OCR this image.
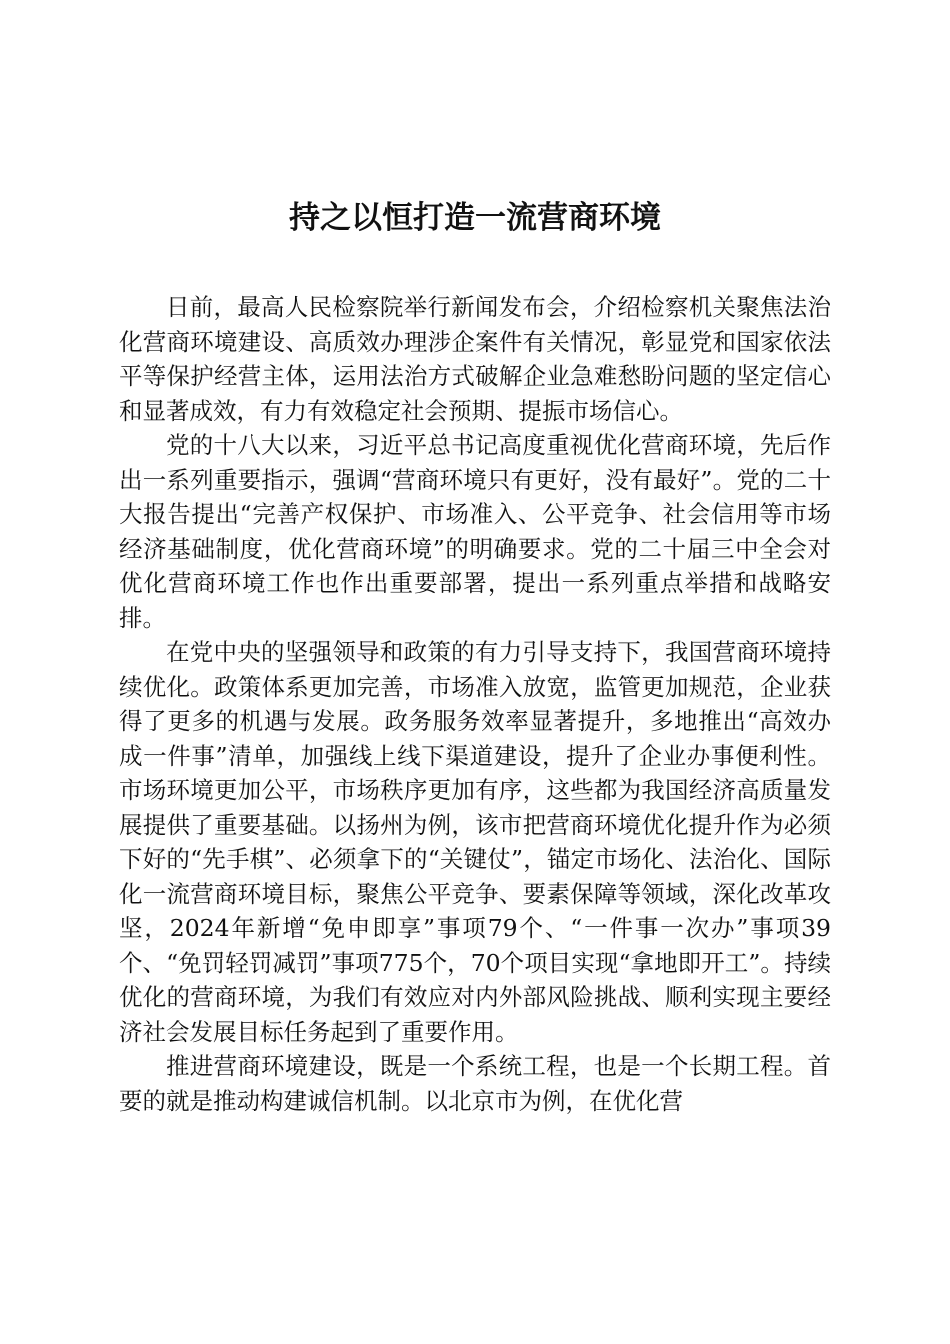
持之以恒打造一流营商环境

日前，最高人民检察院举行新闻发布会，介绍检察机关聚焦法治化营商环境建设、高质效办理涉企案件有关情况，彰显党和国家依法平等保护经营主体，运用法治方式破解企业急难愁盼问题的坚定信心和显著成效，有力有效稳定社会预期、提振市场信心。

党的十八大以来，习近平总书记高度重视优化营商环境，先后作出一系列重要指示，强调“营商环境只有更好，没有最好”。党的二十大报告提出“完善产权保护、市场准入、公平竞争、社会信用等市场经济基础制度，优化营商环境”的明确要求。党的二十届三中全会对优化营商环境工作也作出重要部署，提出一系列重点举措和战略安排。

在党中央的坚强领导和政策的有力引导支持下，我国营商环境持续优化。政策体系更加完善，市场准入放宽，监管更加规范，企业获得了更多的机遇与发展。政务服务效率显著提升，多地推出“高效办成一件事”清单，加强线上线下渠道建设，提升了企业办事便利性。市场环境更加公平，市场秩序更加有序，这些都为我国经济高质量发展提供了重要基础。以扬州为例，该市把营商环境优化提升作为必须下好的“先手棋”、必须拿下的“关键仗”，锚定市场化、法治化、国际化一流营商环境目标，聚焦公平竞争、要素保障等领域，深化改革攻坚，2024年新增“免申即享”事项79个、“一件事一次办”事项39个、“免罚轻罚减罚”事项775个，70个项目实现“拿地即开工”。持续优化的营商环境，为我们有效应对内外部风险挑战、顺利实现主要经济社会发展目标任务起到了重要作用。

推进营商环境建设，既是一个系统工程，也是一个长期工程。首要的就是推动构建诚信机制。以北京市为例，在优化营
